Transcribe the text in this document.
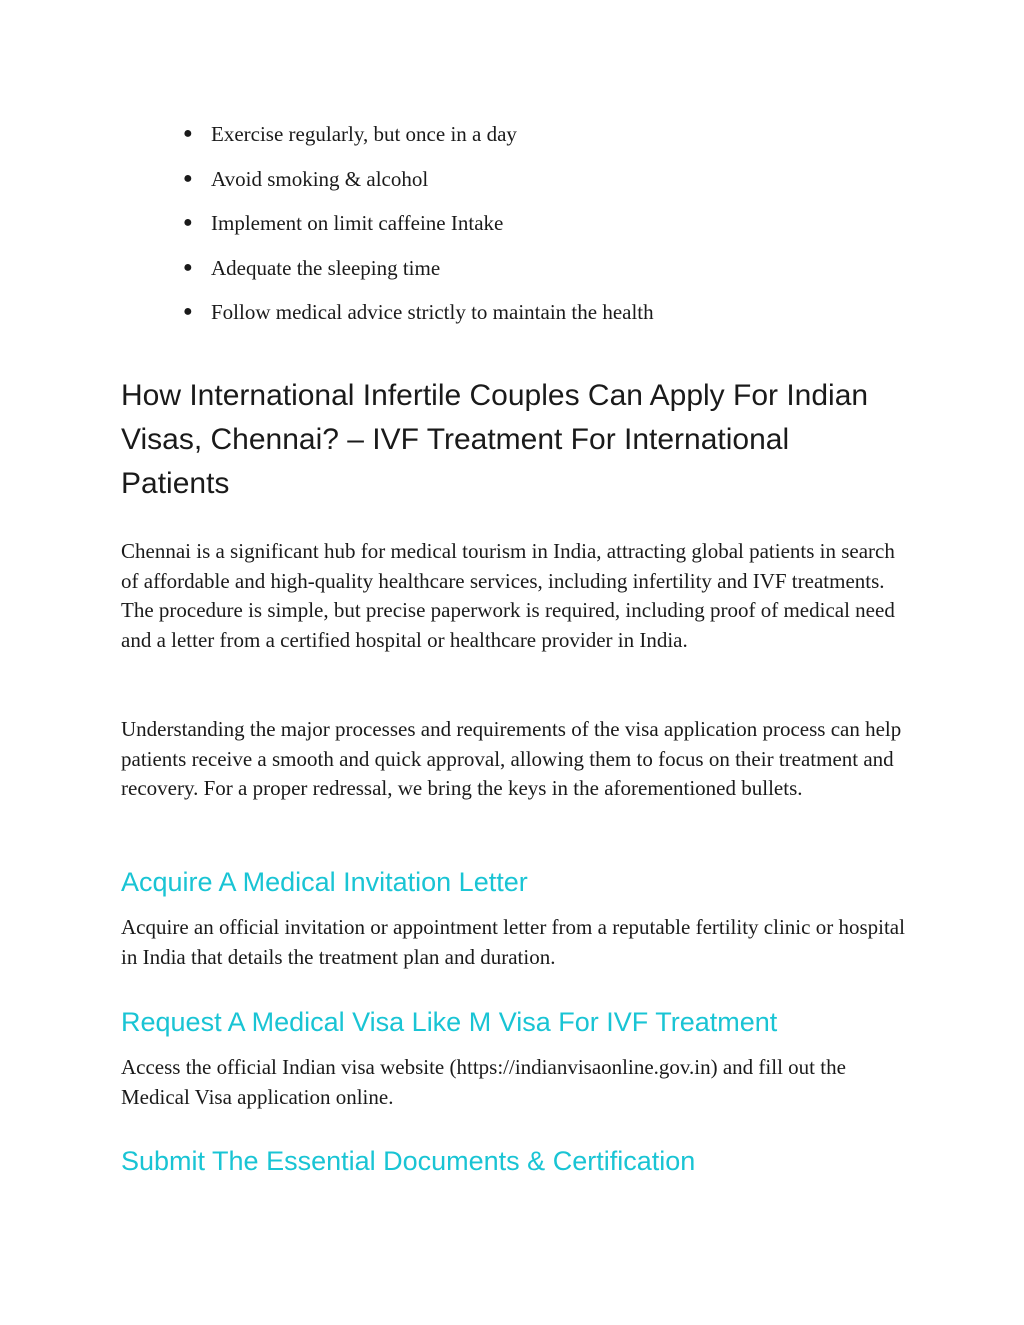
● Exercise regularly, but once in a day
● Avoid smoking & alcohol
● Implement on limit caffeine Intake
● Adequate the sleeping time
● Follow medical advice strictly to maintain the health
How International Infertile Couples Can Apply For Indian Visas, Chennai? – IVF Treatment For International Patients

Chennai is a significant hub for medical tourism in India, attracting global patients in search of affordable and high-quality healthcare services, including infertility and IVF treatments. The procedure is simple, but precise paperwork is required, including proof of medical need and a letter from a certified hospital or healthcare provider in India.

Understanding the major processes and requirements of the visa application process can help patients receive a smooth and quick approval, allowing them to focus on their treatment and recovery. For a proper redressal, we bring the keys in the aforementioned bullets.

Acquire A Medical Invitation Letter

Acquire an official invitation or appointment letter from a reputable fertility clinic or hospital in India that details the treatment plan and duration.

Request A Medical Visa Like M Visa For IVF Treatment

Access the official Indian visa website (https://indianvisaonline.gov.in) and fill out the Medical Visa application online.

Submit The Essential Documents & Certification
